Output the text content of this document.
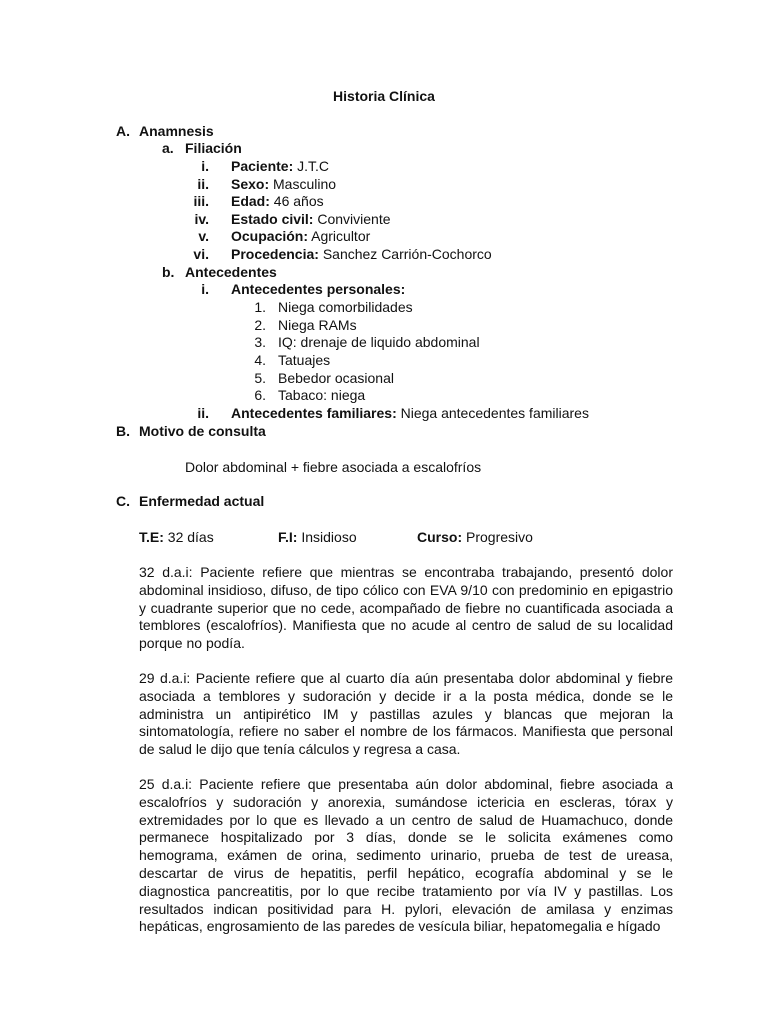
Historia Clínica
A. Anamnesis
a. Filiación
i. Paciente: J.T.C
ii. Sexo: Masculino
iii. Edad: 46 años
iv. Estado civil: Conviviente
v. Ocupación: Agricultor
vi. Procedencia: Sanchez Carrión-Cochorco
b. Antecedentes
i. Antecedentes personales:
1. Niega comorbilidades
2. Niega RAMs
3. IQ: drenaje de liquido abdominal
4. Tatuajes
5. Bebedor ocasional
6. Tabaco: niega
ii. Antecedentes familiares: Niega antecedentes familiares
B. Motivo de consulta
Dolor abdominal + fiebre asociada a escalofríos
C. Enfermedad actual
T.E: 32 días	F.I: Insidioso	Curso: Progresivo

32 d.a.i: Paciente refiere que mientras se encontraba trabajando, presentó dolor abdominal insidioso, difuso, de tipo cólico con EVA 9/10 con predominio en epigastrio y cuadrante superior que no cede, acompañado de fiebre no cuantificada asociada a temblores (escalofríos). Manifiesta que no acude al centro de salud de su localidad porque no podía.

29 d.a.i: Paciente refiere que al cuarto día aún presentaba dolor abdominal y fiebre asociada a temblores y sudoración y decide ir a la posta médica, donde se le administra un antipirético IM y pastillas azules y blancas que mejoran la sintomatología, refiere no saber el nombre de los fármacos. Manifiesta que personal de salud le dijo que tenía cálculos y regresa a casa.

25 d.a.i: Paciente refiere que presentaba aún dolor abdominal, fiebre asociada a escalofríos y sudoración y anorexia, sumándose ictericia en escleras, tórax y extremidades por lo que es llevado a un centro de salud de Huamachuco, donde permanece hospitalizado por 3 días, donde se le solicita exámenes como hemograma, exámen de orina, sedimento urinario, prueba de test de ureasa, descartar de virus de hepatitis, perfil hepático, ecografía abdominal y se le diagnostica pancreatitis, por lo que recibe tratamiento por vía IV y pastillas. Los resultados indican positividad para H. pylori, elevación de amilasa y enzimas hepáticas, engrosamiento de las paredes de vesícula biliar, hepatomegalia e hígado
